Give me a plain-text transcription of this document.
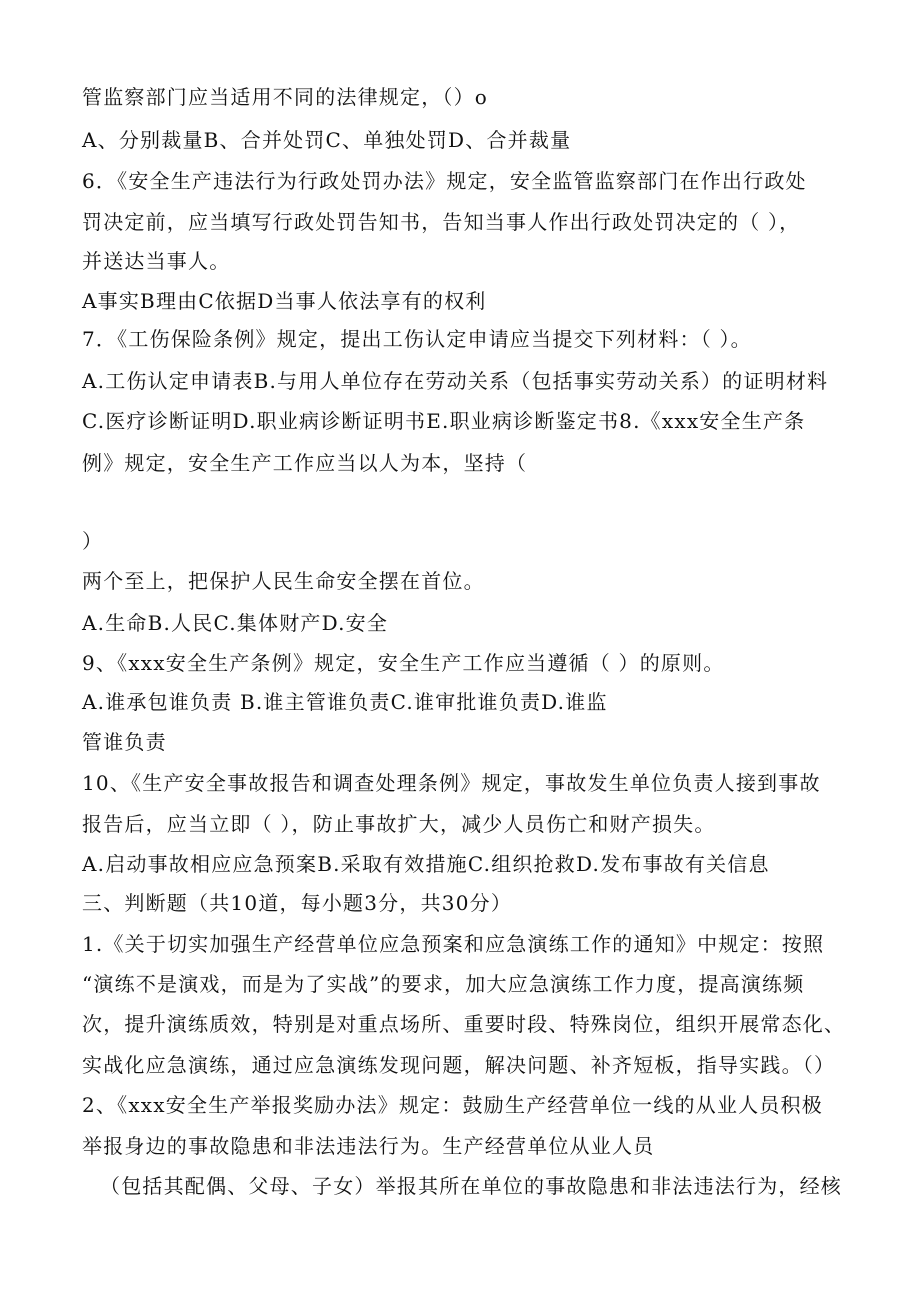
管监察部门应当适用不同的法律规定，（）o
A、分别裁量B、合并处罚C、单独处罚D、合并裁量
6．《安全生产违法行为行政处罚办法》规定，安全监管监察部门在作出行政处
罚决定前，应当填写行政处罚告知书，告知当事人作出行政处罚决定的（ ），
并送达当事人。
A事实B理由C依据D当事人依法享有的权利
7．《工伤保险条例》规定，提出工伤认定申请应当提交下列材料：（ ）。
A.工伤认定申请表B.与用人单位存在劳动关系（包括事实劳动关系）的证明材料
C.医疗诊断证明D.职业病诊断证明书E.职业病诊断鉴定书8.《xxx安全生产条
例》规定，安全生产工作应当以人为本，坚持（
）
两个至上，把保护人民生命安全摆在首位。
A.生命B.人民C.集体财产D.安全
9、《xxx安全生产条例》规定，安全生产工作应当遵循（ ）的原则。
A.谁承包谁负责 B.谁主管谁负责C.谁审批谁负责D.谁监
管谁负责
10、《生产安全事故报告和调查处理条例》规定，事故发生单位负责人接到事故
报告后，应当立即（ ），防止事故扩大，减少人员伤亡和财产损失。
A.启动事故相应应急预案B.采取有效措施C.组织抢救D.发布事故有关信息
三、判断题（共10道，每小题3分，共30分）
1.《关于切实加强生产经营单位应急预案和应急演练工作的通知》中规定：按照
“演练不是演戏，而是为了实战”的要求，加大应急演练工作力度，提高演练频
次，提升演练质效，特别是对重点场所、重要时段、特殊岗位，组织开展常态化、
实战化应急演练，通过应急演练发现问题，解决问题、补齐短板，指导实践。（）
2、《xxx安全生产举报奖励办法》规定：鼓励生产经营单位一线的从业人员积极
举报身边的事故隐患和非法违法行为。生产经营单位从业人员
（包括其配偶、父母、子女）举报其所在单位的事故隐患和非法违法行为，经核
